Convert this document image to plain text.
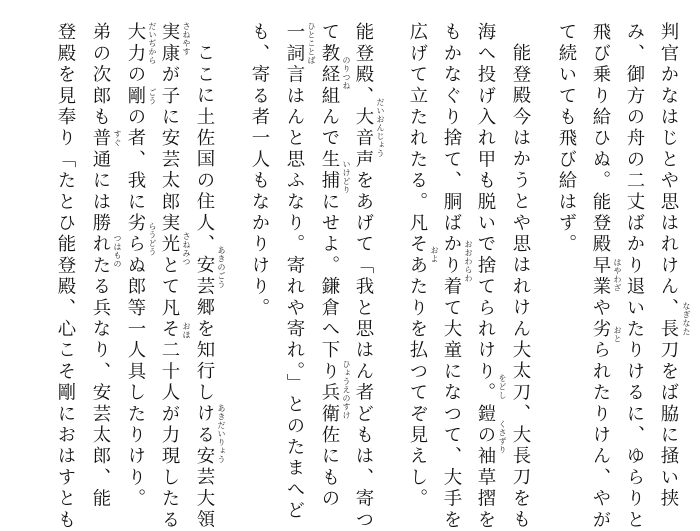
判官かなはじとや思はれけん、長刀をば脇に掻い挟
み、御方の舟の二丈ばかり退いたりけるに、ゆらりと
飛び乗り給ひぬ。能登殿早業や劣られたりけん、やが
て続いても飛び給はず。
能登殿今はかうとや思はれけん大太刀、大長刀をも
海へ投げ入れ甲も脱いで捨てられけり。鎧の袖草摺を
もかなぐり捨て、胴ばかり着て大童になつて、大手を
広げて立たれたる。凡そあたりを払つてぞ見えし。
能登殿、大音声をあげて「我と思はん者どもは、寄つ
て教経組んで生捕にせよ。鎌倉へ下り兵衛佐にもの
一詞言はんと思ふなり。寄れや寄れ。」とのたまへど
も、寄る者一人もなかりけり。
ここに土佐国の住人、安芸郷を知行しける安芸大領
実康が子に安芸太郎実光とて凡そ二十人が力現したる
大力の剛の者、我に劣らぬ郎等一人具したりけり。
弟の次郎も普通には勝れたる兵なり、安芸太郎、能
登殿を見奉り「たとひ能登殿、心こそ剛におはすとも	なぎなた
はやわざ
おと
をどし
くさずり
おおわらわ
およ
だいおんじょう
のりつね
いけどり
ひょうえのすけ
ひとことば
あきのごう
さねやす
さねみつ
おほ
あきだいりょう
だいぢから
ごう
らうどう
すぐ
つはもの
